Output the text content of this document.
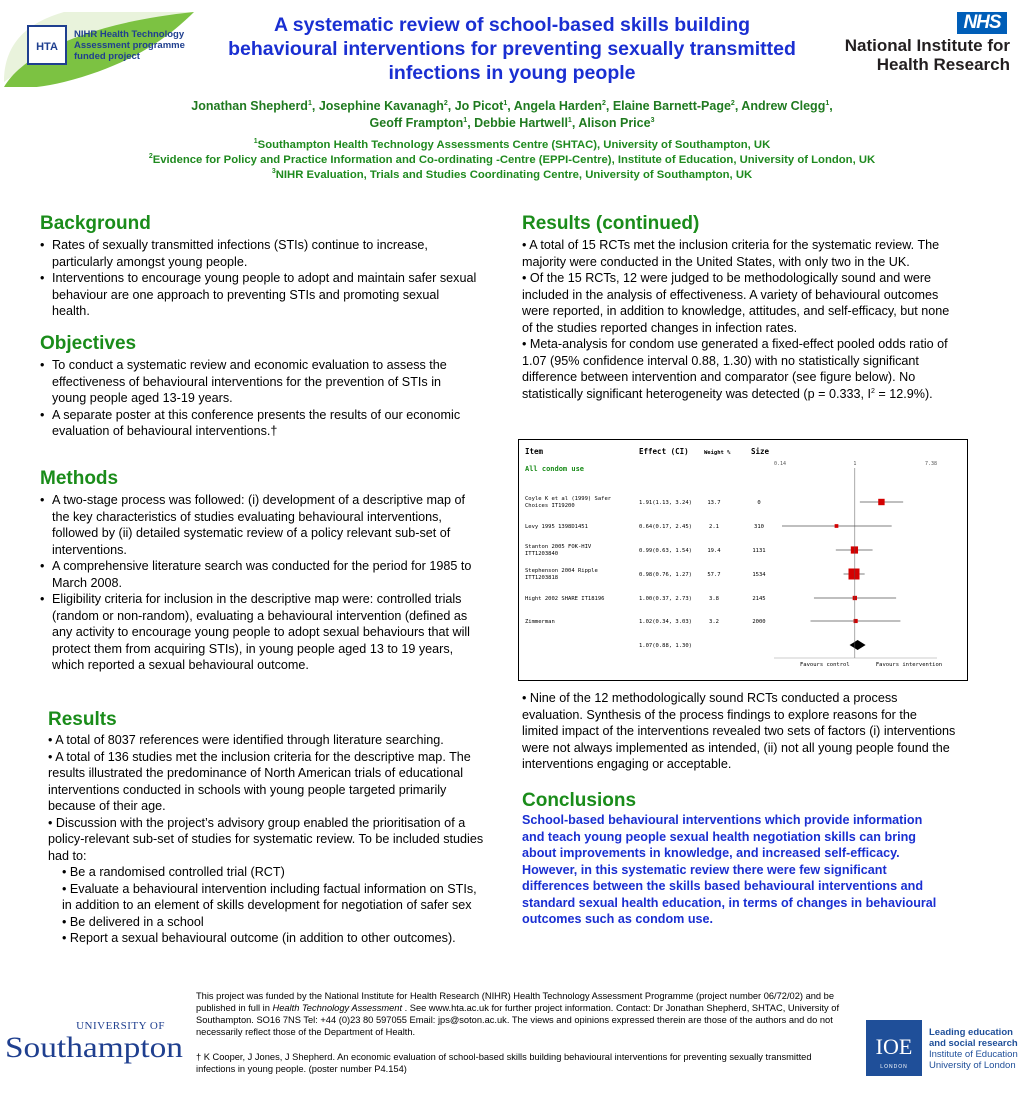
HTA
NIHR Health Technology
Assessment programme
funded project
A systematic review of school-based skills building
behavioural interventions for preventing sexually transmitted
infections in young people
NHS
National Institute for
Health Research
Jonathan Shepherd$^1$, Josephine Kavanagh$^2$, Jo Picot$^1$, Angela Harden$^2$, Elaine Barnett-Page$^2$, Andrew Clegg$^1$,
Geoff Frampton$^1$, Debbie Hartwell$^1$, Alison Price$^3$
$^1$Southampton Health Technology Assessments Centre (SHTAC), University of Southampton, UK
$^2$Evidence for Policy and Practice Information and Co-ordinating -Centre (EPPI-Centre), Institute of Education, University of London, UK
$^3$NIHR Evaluation, Trials and Studies Coordinating Centre, University of Southampton, UK
Background

• Rates of sexually transmitted infections (STIs) continue to increase, particularly amongst young people.

• Interventions to encourage young people to adopt and maintain safer sexual behaviour are one approach to preventing STIs and promoting sexual health.

Objectives

• To conduct a systematic review and economic evaluation to assess the effectiveness of behavioural interventions for the prevention of STIs in young people aged 13-19 years.

• A separate poster at this conference presents the results of our economic evaluation of behavioural interventions.†

Methods

• A two-stage process was followed: (i) development of a descriptive map of the key characteristics of studies evaluating behavioural interventions, followed by (ii) detailed systematic review of a policy relevant sub-set of interventions.

• A comprehensive literature search was conducted for the period for 1985 to March 2008.

• Eligibility criteria for inclusion in the descriptive map were: controlled trials (random or non-random), evaluating a behavioural intervention (defined as any activity to encourage young people to adopt sexual behaviours that will protect them from acquiring STIs), in young people aged 13 to 19 years, which reported a sexual behavioural outcome.

Results
• A total of 8037 references were identified through literature searching.
• A total of 136 studies met the inclusion criteria for the descriptive map. The results illustrated the predominance of North American trials of educational interventions conducted in schools with young people targeted primarily because of their age.
• Discussion with the project’s advisory group enabled the prioritisation of a policy-relevant sub-set of studies for systematic review. To be included studies had to:
• Be a randomised controlled trial (RCT)
• Evaluate a behavioural intervention including factual information on STIs, in addition to an element of skills development for negotiation of safer sex
• Be delivered in a school
• Report a sexual behavioural outcome (in addition to other outcomes).
Results (continued)
• A total of 15 RCTs met the inclusion criteria for the systematic review. The majority were conducted in the United States, with only two in the UK.
• Of the 15 RCTs, 12 were judged to be methodologically sound and were included in the analysis of effectiveness. A variety of behavioural outcomes were reported, in addition to knowledge, attitudes, and self-efficacy, but none of the studies reported changes in infection rates.
• Meta-analysis for condom use generated a fixed-effect pooled odds ratio of 1.07 (95% confidence interval 0.88, 1.30) with no statistically significant difference between intervention and comparator (see figure below). No statistically significant heterogeneity was detected (p = 0.333, $I^2 = 12.9\%$).
Item	Effect (CI)	Weight %	Size
0.14	1	7.38
All condom use
Coyle K et al (1999) Safer
Choices IT19200	1.91(1.13, 3.24)	13.7	0
Levy 1995 1398D1451	0.64(0.17, 2.45)	2.1	310
Stanton 2005 FOK-HIV
ITT1203840	0.99(0.63, 1.54)	19.4	1131
Stephenson 2004 Ripple
ITT1203818	0.98(0.76, 1.27)	57.7	1534
Hight 2002 SHARE IT18196	1.00(0.37, 2.73)	3.8	2145
Zimmerman	1.02(0.34, 3.03)	3.2	2000
1.07(0.88, 1.30)
Favours control	Favours intervention
• Nine of the 12 methodologically sound RCTs conducted a process evaluation. Synthesis of the process findings to explore reasons for the limited impact of the interventions revealed two sets of factors (i) interventions were not always implemented as intended, (ii) not all young people found the interventions engaging or acceptable.
Conclusions
School-based behavioural interventions which provide information and teach young people sexual health negotiation skills can bring about improvements in knowledge, and increased self-efficacy. However, in this systematic review there were few significant differences between the skills based behavioural interventions and standard sexual health education, in terms of changes in behavioural outcomes such as condom use.
UNIVERSITY OF
Southampton
This project was funded by the National Institute for Health Research (NIHR) Health Technology Assessment Programme (project number 06/72/02) and be published in full in Health Technology Assessment . See www.hta.ac.uk for further project information. Contact: Dr Jonathan Shepherd, SHTAC, University of Southampton. SO16 7NS Tel: +44 (0)23 80 597055 Email: jps@soton.ac.uk. The views and opinions expressed therein are those of the authors and do not necessarily reflect those of the Department of Health.
† K Cooper, J Jones, J Shepherd. An economic evaluation of school-based skills building behavioural interventions for preventing sexually transmitted infections in young people. (poster number P4.154)
IOE
LONDON
Leading education
and social research
Institute of Education
University of London
